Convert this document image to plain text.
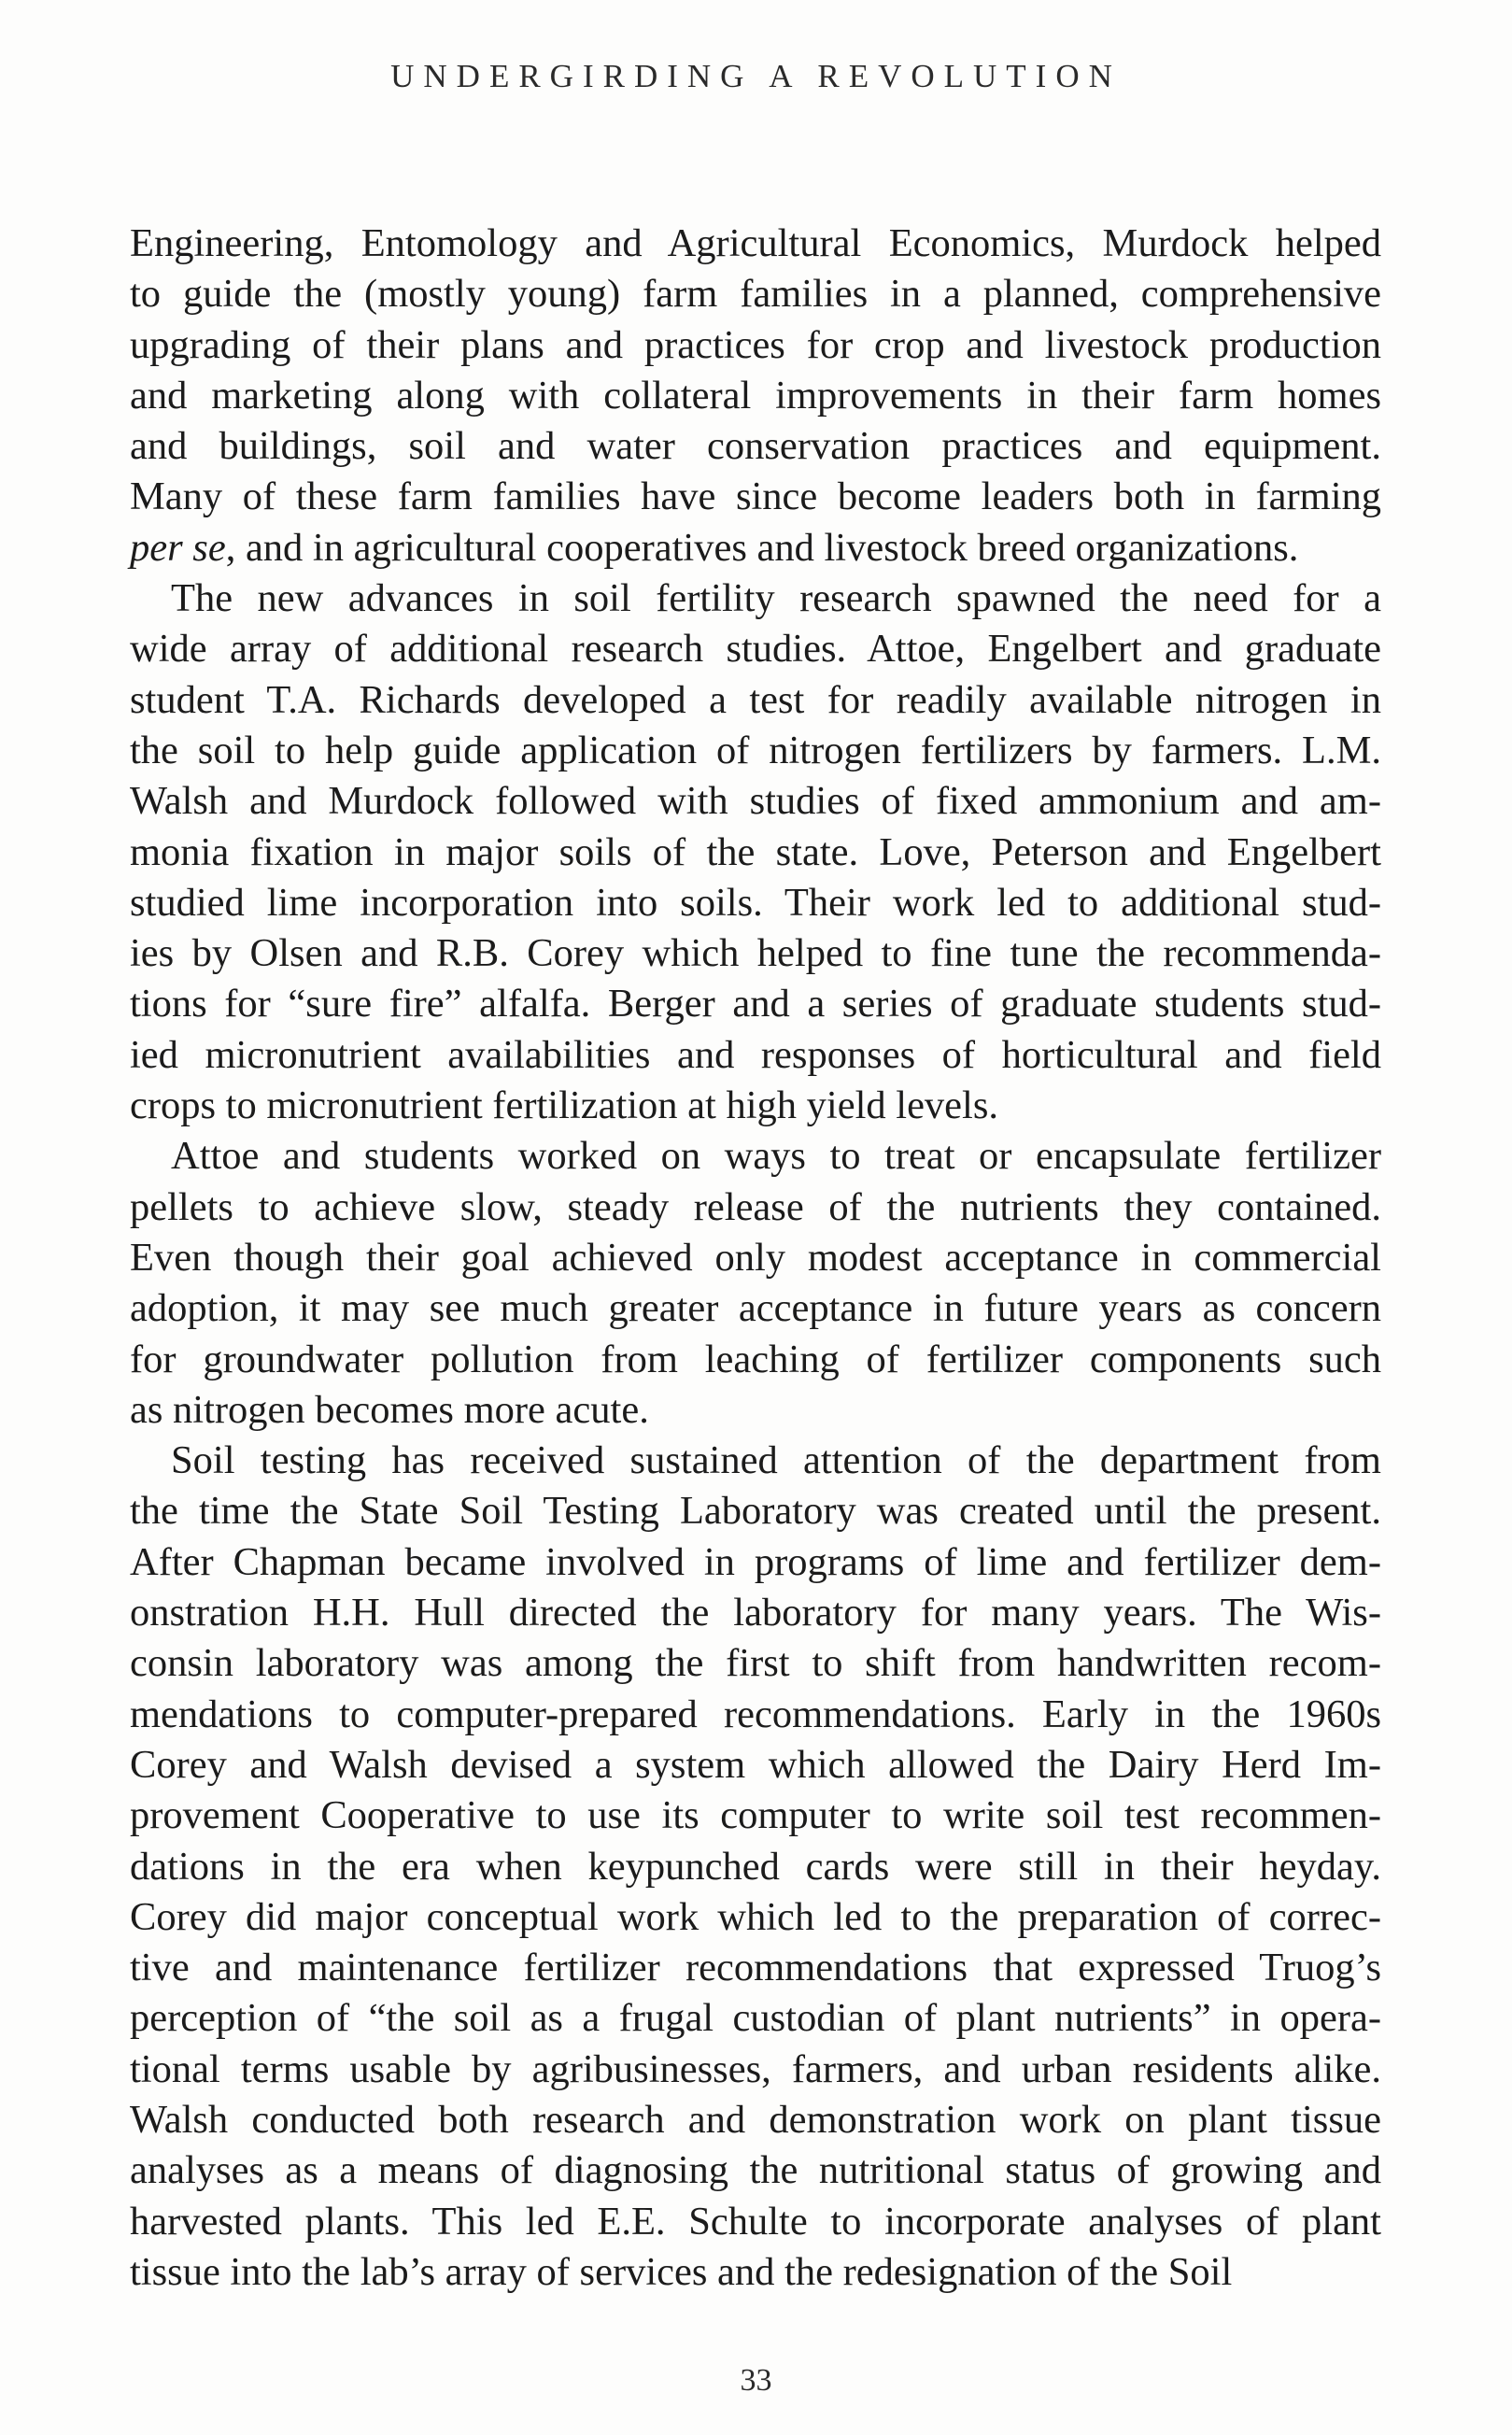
UNDERGIRDING A REVOLUTION
Engineering, Entomology and Agricultural Economics, Murdock helped
to guide the (mostly young) farm families in a planned, comprehensive
upgrading of their plans and practices for crop and livestock production
and marketing along with collateral improvements in their farm homes
and buildings, soil and water conservation practices and equipment.
Many of these farm families have since become leaders both in farming
per se, and in agricultural cooperatives and livestock breed organizations.
The new advances in soil fertility research spawned the need for a
wide array of additional research studies. Attoe, Engelbert and graduate
student T.A. Richards developed a test for readily available nitrogen in
the soil to help guide application of nitrogen fertilizers by farmers. L.M.
Walsh and Murdock followed with studies of fixed ammonium and am-
monia fixation in major soils of the state. Love, Peterson and Engelbert
studied lime incorporation into soils. Their work led to additional stud-
ies by Olsen and R.B. Corey which helped to fine tune the recommenda-
tions for “sure fire” alfalfa. Berger and a series of graduate students stud-
ied micronutrient availabilities and responses of horticultural and field
crops to micronutrient fertilization at high yield levels.
Attoe and students worked on ways to treat or encapsulate fertilizer
pellets to achieve slow, steady release of the nutrients they contained.
Even though their goal achieved only modest acceptance in commercial
adoption, it may see much greater acceptance in future years as concern
for groundwater pollution from leaching of fertilizer components such
as nitrogen becomes more acute.
Soil testing has received sustained attention of the department from
the time the State Soil Testing Laboratory was created until the present.
After Chapman became involved in programs of lime and fertilizer dem-
onstration H.H. Hull directed the laboratory for many years. The Wis-
consin laboratory was among the first to shift from handwritten recom-
mendations to computer-prepared recommendations. Early in the 1960s
Corey and Walsh devised a system which allowed the Dairy Herd Im-
provement Cooperative to use its computer to write soil test recommen-
dations in the era when keypunched cards were still in their heyday.
Corey did major conceptual work which led to the preparation of correc-
tive and maintenance fertilizer recommendations that expressed Truog’s
perception of “the soil as a frugal custodian of plant nutrients” in opera-
tional terms usable by agribusinesses, farmers, and urban residents alike.
Walsh conducted both research and demonstration work on plant tissue
analyses as a means of diagnosing the nutritional status of growing and
harvested plants. This led E.E. Schulte to incorporate analyses of plant
tissue into the lab’s array of services and the redesignation of the Soil
33
